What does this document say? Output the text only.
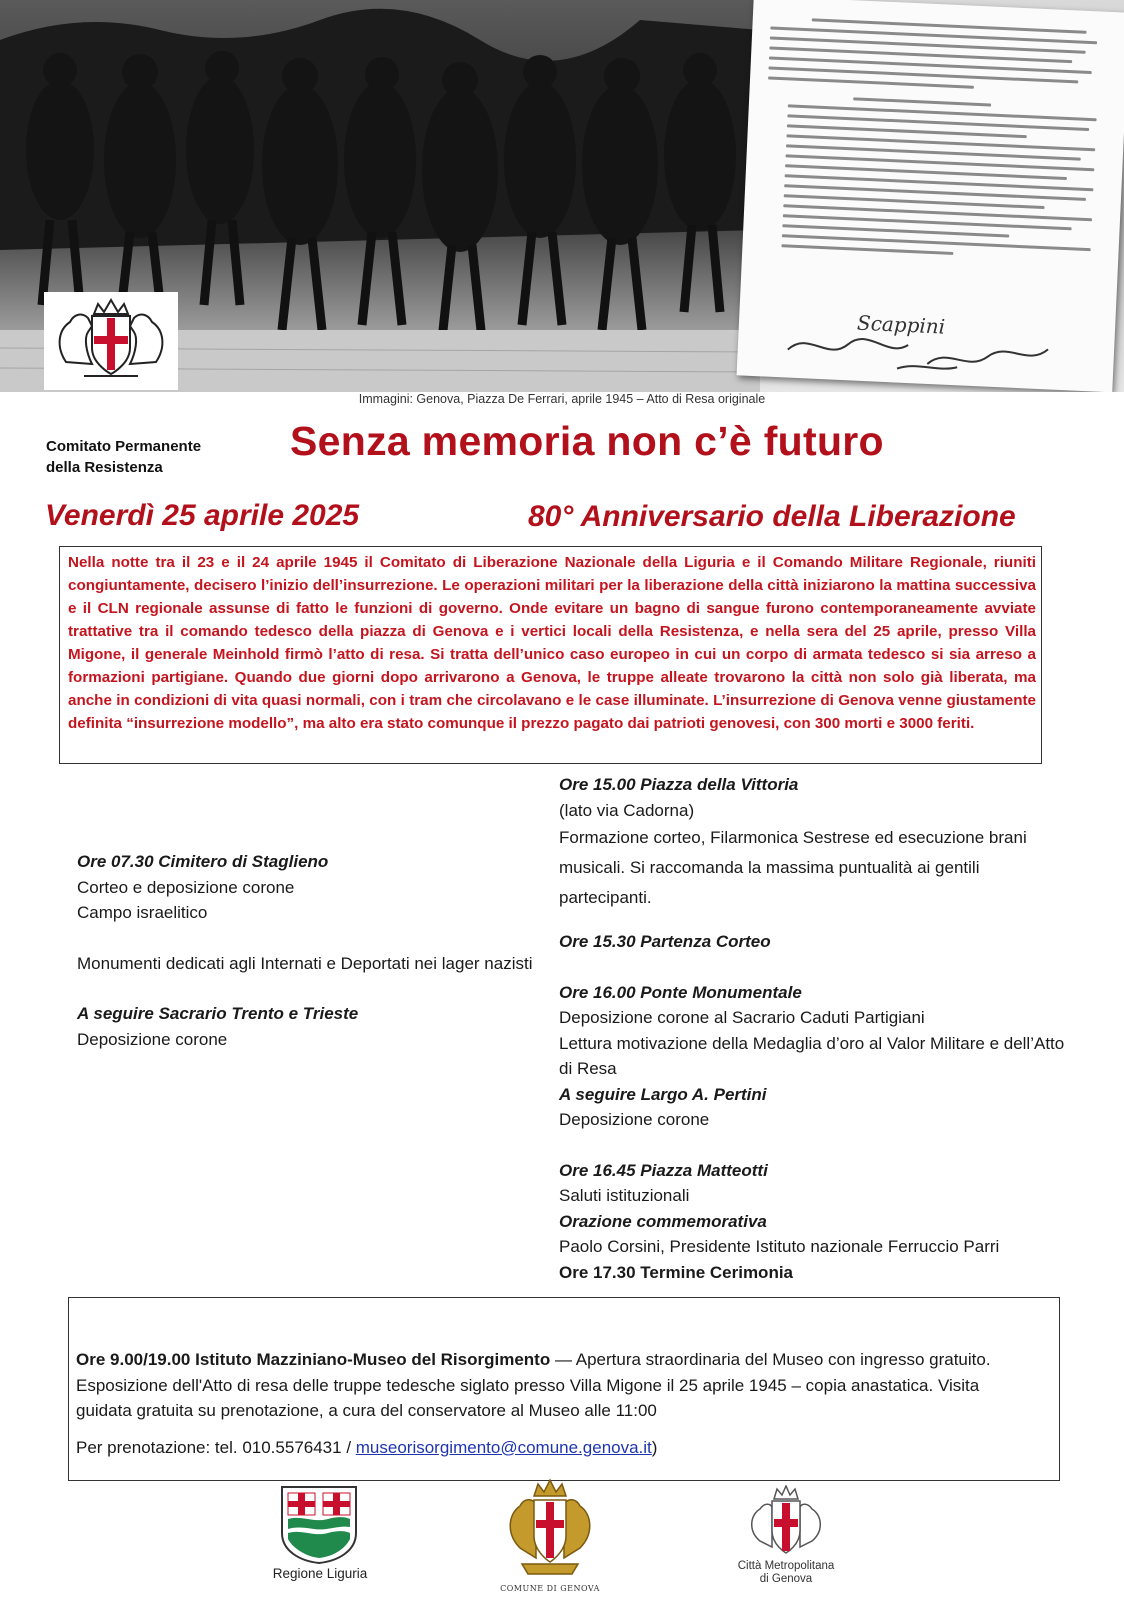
Scappini
Immagini: Genova, Piazza De Ferrari, aprile 1945 – Atto di Resa originale
Comitato Permanente
della Resistenza
Senza memoria non c’è futuro
Venerdì 25 aprile 2025	80° Anniversario della Liberazione

Nella notte tra il 23 e il 24 aprile 1945 il Comitato di Liberazione Nazionale della Liguria e il Comando Militare Regionale, riuniti congiuntamente, decisero l’inizio dell’insurrezione. Le operazioni militari per la liberazione della città iniziarono la mattina successiva e il CLN regionale assunse di fatto le funzioni di governo. Onde evitare un bagno di sangue furono contemporaneamente avviate trattative tra il comando tedesco della piazza di Genova e i vertici locali della Resistenza, e nella sera del 25 aprile, presso Villa Migone, il generale Meinhold firmò l’atto di resa. Si tratta dell’unico caso europeo in cui un corpo di armata tedesco si sia arreso a formazioni partigiane. Quando due giorni dopo arrivarono a Genova, le truppe alleate trovarono la città non solo già liberata, ma anche in condizioni di vita quasi normali, con i tram che circolavano e le case illuminate. L’insurrezione di Genova venne giustamente definita “insurrezione modello”, ma alto era stato comunque il prezzo pagato dai patrioti genovesi, con 300 morti e 3000 feriti.

Ore 07.30 Cimitero di Staglieno

Corteo e deposizione corone

Campo israelitico

Monumenti dedicati agli Internati e Deportati nei lager nazisti

A seguire Sacrario Trento e Trieste

Deposizione corone

Ore 15.00 Piazza della Vittoria

(lato via Cadorna)

Formazione corteo, Filarmonica Sestrese ed esecuzione brani musicali. Si raccomanda la massima puntualità ai gentili partecipanti.

Ore 15.30 Partenza Corteo

Ore 16.00 Ponte Monumentale

Deposizione corone al Sacrario Caduti Partigiani

Lettura motivazione della Medaglia d’oro al Valor Militare e dell’Atto di Resa

A seguire Largo A. Pertini

Deposizione corone

Ore 16.45 Piazza Matteotti

Saluti istituzionali

Orazione commemorativa

Paolo Corsini, Presidente Istituto nazionale Ferruccio Parri

Ore 17.30 Termine Cerimonia

Ore 9.00/19.00 Istituto Mazziniano-Museo del Risorgimento — Apertura straordinaria del Museo con ingresso gratuito. Esposizione dell'Atto di resa delle truppe tedesche siglato presso Villa Migone il 25 aprile 1945 – copia anastatica. Visita guidata gratuita su prenotazione, a cura del conservatore al Museo alle 11:00

Per prenotazione: tel. 010.5576431 / museorisorgimento@comune.genova.it)

Regione Liguria
COMUNE DI GENOVA
Città Metropolitana
di Genova
